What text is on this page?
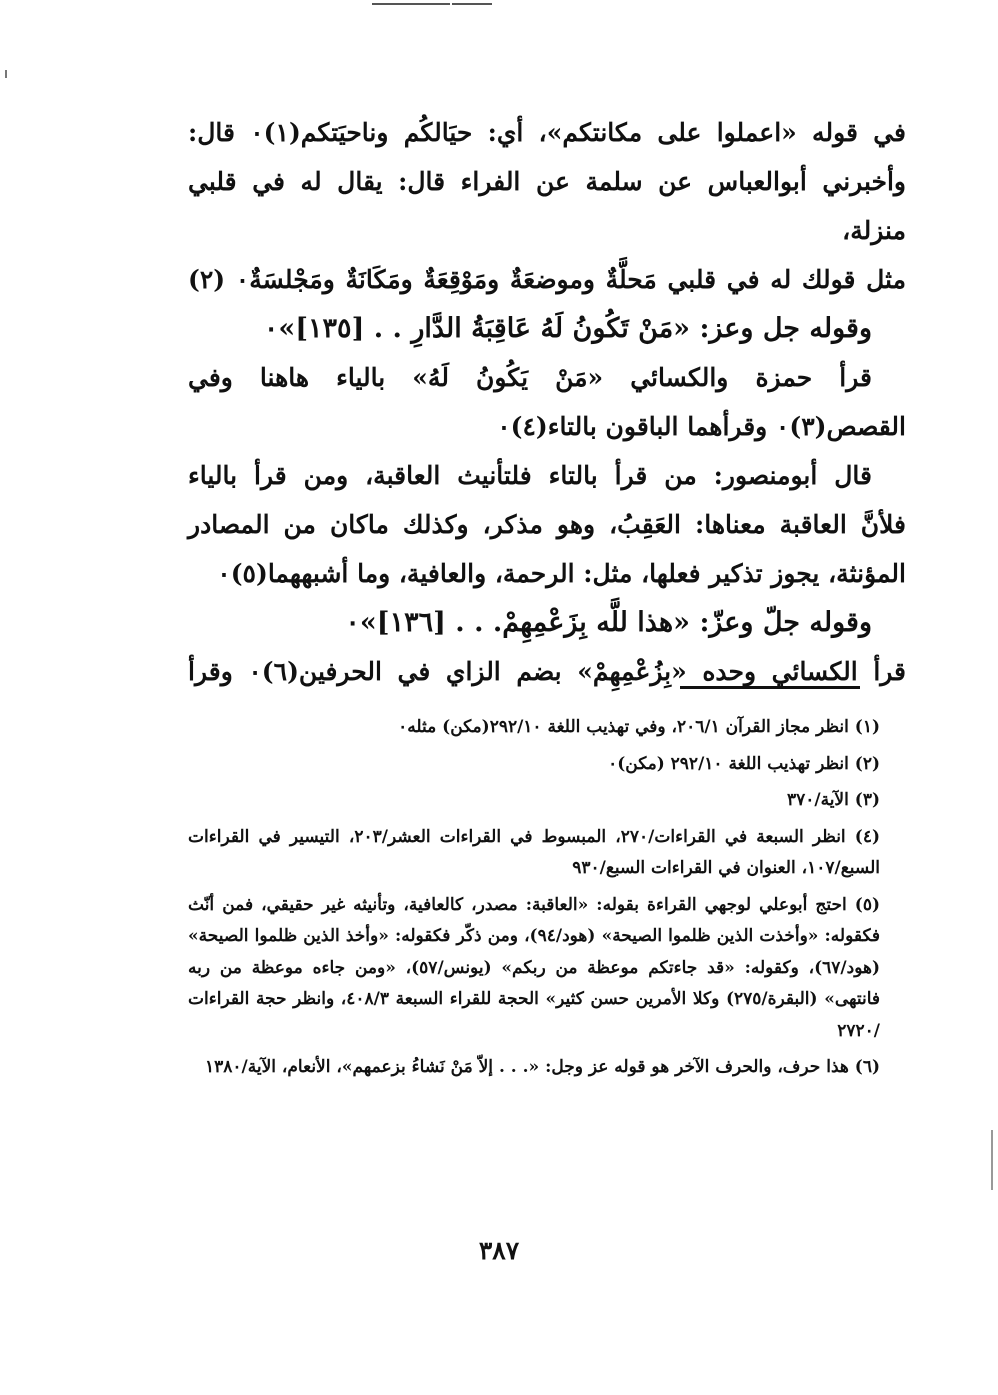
في قوله «اعملوا على مكانتكم»، أي: حيَالكُم وناحيَتكم(١)٠ قال:

وأخبرني أبوالعباس عن سلمة عن الفراء قال: يقال له في قلبي منزلة،

مثل قولك له في قلبي مَحلَّةٌ وموضعَةٌ ومَوْقِعَةٌ ومَكَانَةٌ ومَجْلسَةٌ٠ (٢)

وقوله جل وعز: «مَنْ تَكُونُ لَهُ عَاقِبَةُ الدَّارِ . . [١٣٥]»٠

قرأ حمزة والكسائي «مَنْ يَكُونُ لَهُ» بالياء هاهنا وفي

القصص(٣)٠ وقرأهما الباقون بالتاء(٤)٠

قال أبومنصور: من قرأ بالتاء فلتأنيث العاقبة، ومن قرأ بالياء

فلأنَّ العاقبة معناها: العَقِبُ، وهو مذكر، وكذلك ماكان من المصادر

المؤنثة، يجوز تذكير فعلها، مثل: الرحمة، والعافية، وما أشبههما(٥)٠

وقوله جلّ وعزّ: «هذا للَّه بِزَعْمِهِمْ. . . [١٣٦]»٠

قرأ الكسائي وحده «بِزُعْمِهِمْ» بضم الزاي في الحرفين(٦)٠ وقرأ

(١) انظر مجاز القرآن ٢٠٦/١، وفي تهذيب اللغة ٢٩٢/١٠(مكن) مثله٠

(٢) انظر تهذيب اللغة ٢٩٢/١٠ (مكن)٠

(٣) الآية/٣٧٠

(٤) انظر السبعة في القراءات/٢٧٠، المبسوط في القراءات العشر/٢٠٣، التيسير في القراءات السبع/١٠٧، العنوان في القراءات السبع/٩٣٠

(٥) احتج أبوعلي لوجهي القراءة بقوله: «العاقبة: مصدر، كالعافية، وتأنيثه غير حقيقي، فمن أنّث فكقوله: «وأخذت الذين ظلموا الصيحة» (هود/٩٤)، ومن ذكّر فكقوله: «وأخذ الذين ظلموا الصيحة» (هود/٦٧)، وكقوله: «قد جاءتكم موعظة من ربكم» (يونس/٥٧)، «ومن جاءه موعظة من ربه فانتهى» (البقرة/٢٧٥) وكلا الأمرين حسن كثير» الحجة للقراء السبعة ٤٠٨/٣، وانظر حجة القراءات /٢٧٢٠

(٦) هذا حرف، والحرف الآخر هو قوله عز وجل: «. . . إلاّ مَنْ نَشاءُ بزعمهم»، الأنعام، الآية/١٣٨٠

٣٨٧
